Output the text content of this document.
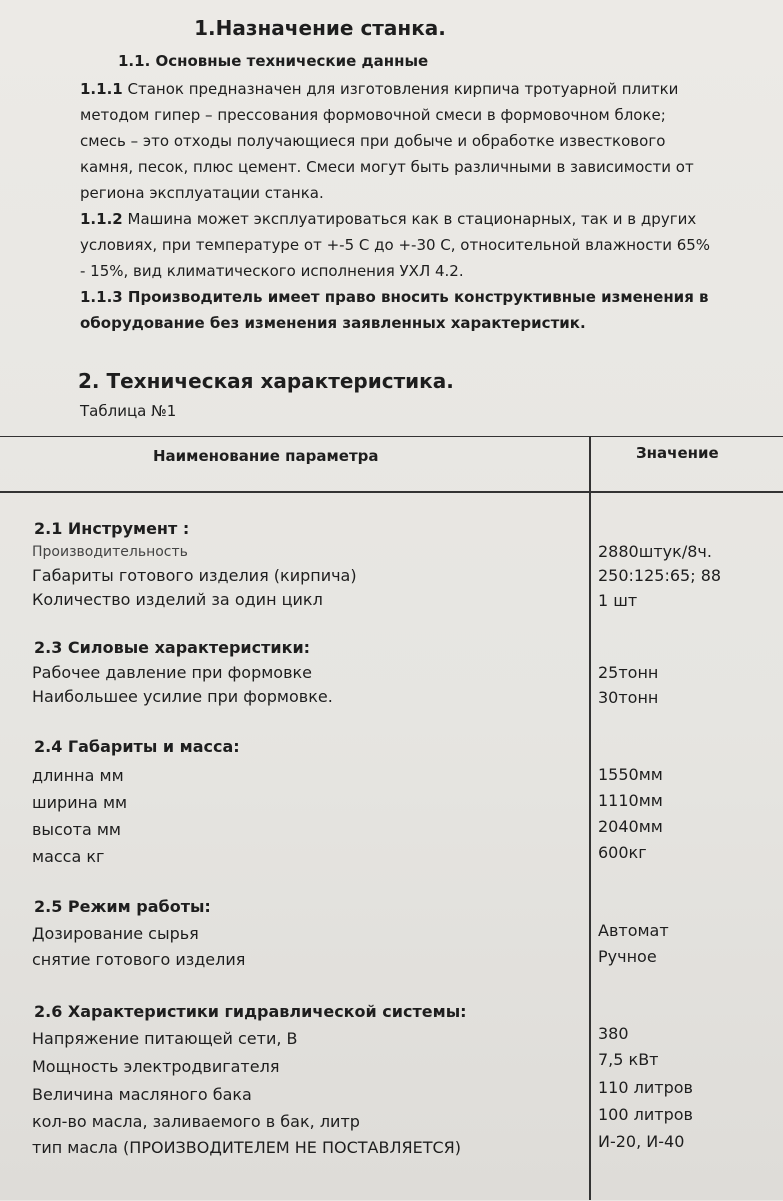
1.Назначение станка.
1.1. Основные технические данные
1.1.1 Станок предназначен для изготовления кирпича тротуарной плитки
методом гипер – прессования формовочной смеси в формовочном блоке;
смесь – это отходы получающиеся при добыче и обработке известкового
камня, песок, плюс цемент. Смеси могут быть различными в зависимости от
региона эксплуатации станка.
1.1.2 Машина может эксплуатироваться как в стационарных, так и в других
условиях, при температуре от +-5 С до +-30 С, относительной влажности 65%
- 15%, вид климатического исполнения УХЛ 4.2.
1.1.3 Производитель имеет право вносить конструктивные изменения в
оборудование без изменения заявленных характеристик.
2. Техническая характеристика.
Таблица №1
Наименование параметра	Значение
2.1 Инструмент :
Производительность	2880штук/8ч.
Габариты готового изделия (кирпича)	250:125:65; 88
Количество изделий за один цикл	1 шт
2.3 Силовые характеристики:
Рабочее давление при формовке	25тонн
Наибольшее усилие при формовке.	30тонн
2.4 Габариты и масса:
длинна мм	1550мм
ширина мм	1110мм
высота мм	2040мм
масса кг	600кг
2.5 Режим работы:
Дозирование сырья	Автомат
снятие готового изделия	Ручное
2.6 Характеристики гидравлической системы:
Напряжение питающей сети, В	380
Мощность электродвигателя	7,5 кВт
Величина масляного бака	110 литров
кол-во масла, заливаемого в бак, литр	100 литров
тип масла (ПРОИЗВОДИТЕЛЕМ НЕ ПОСТАВЛЯЕТСЯ)	И-20, И-40
